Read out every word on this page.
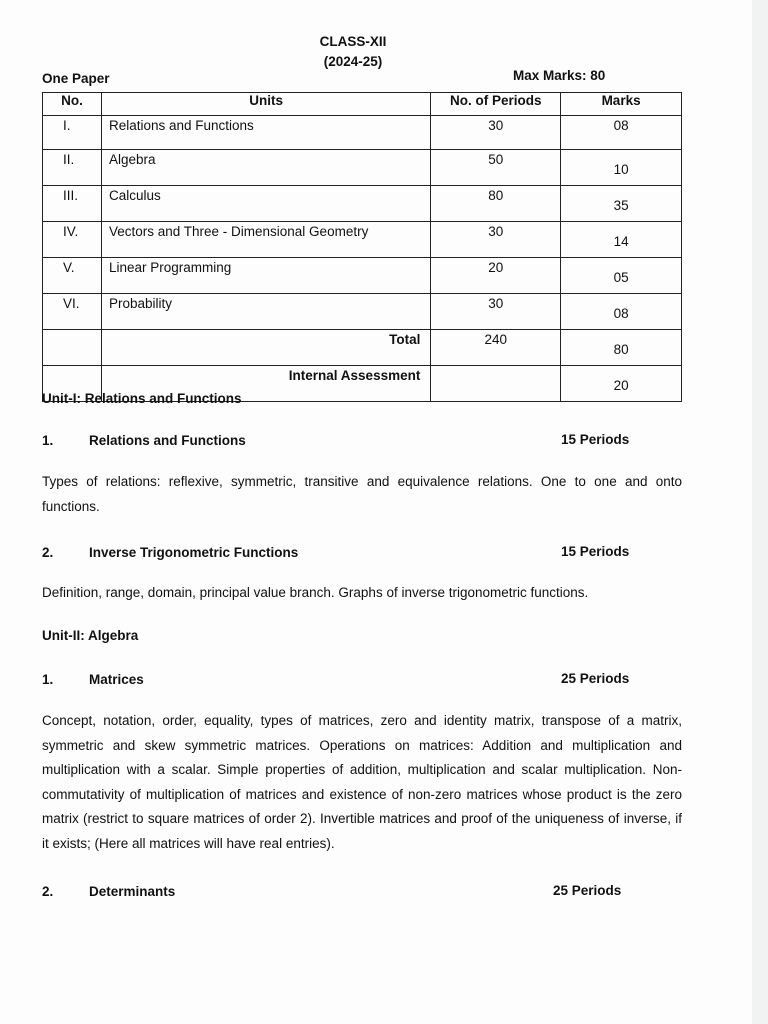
CLASS-XII
(2024-25)
One Paper	Max Marks: 80
No.	Units	No. of Periods	Marks
I.	Relations and Functions	30	08
II.	Algebra	50	10
III.	Calculus	80	35
IV.	Vectors and Three - Dimensional Geometry	30	14
V.	Linear Programming	20	05
VI.	Probability	30	08
	Total	240	80
	Internal Assessment		20
Unit-I: Relations and Functions
1.	Relations and Functions	15 Periods
Types of relations: reflexive, symmetric, transitive and equivalence relations. One to one and onto functions.
2.	Inverse Trigonometric Functions	15 Periods
Definition, range, domain, principal value branch. Graphs of inverse trigonometric functions.
Unit-II: Algebra
1.	Matrices	25 Periods
Concept, notation, order, equality, types of matrices, zero and identity matrix, transpose of a matrix, symmetric and skew symmetric matrices. Operations on matrices: Addition and multiplication and multiplication with a scalar. Simple properties of addition, multiplication and scalar multiplication. Non-commutativity of multiplication of matrices and existence of non-zero matrices whose product is the zero matrix (restrict to square matrices of order 2). Invertible matrices and proof of the uniqueness of inverse, if it exists; (Here all matrices will have real entries).
2.	Determinants	25 Periods
